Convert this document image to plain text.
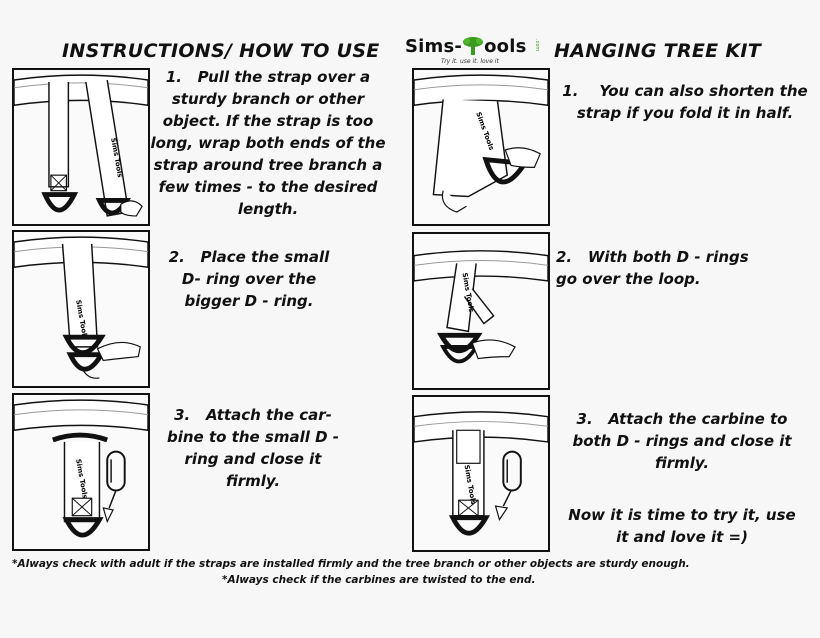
INSTRUCTIONS/ HOW TO USE Sims- ools
Try it. use it. love it
.com HANGING TREE KIT
Sims Tools
1. Pull the strap over a sturdy branch or other object. If the strap is too long, wrap both ends of the strap around tree branch a few times - to the desired length.
Sims Tools
2. Place the small D- ring over the bigger D - ring.
Sims Tools
3. Attach the car- bine to the small D - ring and close it firmly.
Sims Tools
1. You can also shorten the strap if you fold it in half.
Sims Tools
2. With both D - rings go over the loop.
Sims Tools
3. Attach the carbine to both D - rings and close it firmly.
Now it is time to try it, use it and love it =)
*Always check with adult if the straps are installed firmly and the tree branch or other objects are sturdy enough.
*Always check if the carbines are twisted to the end.
